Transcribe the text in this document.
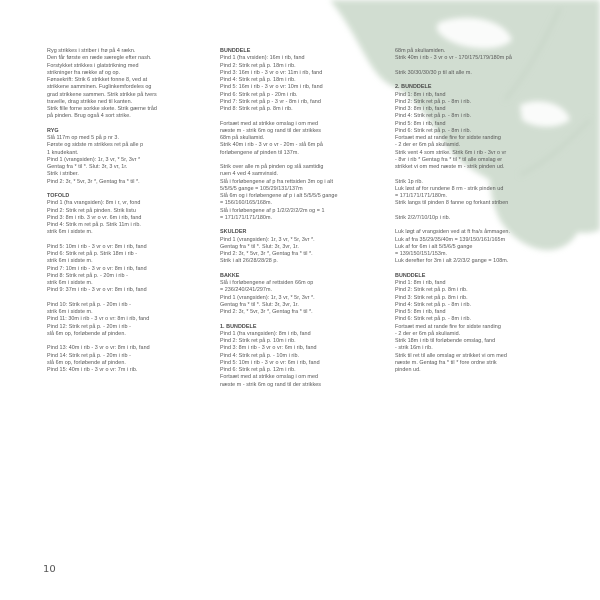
Ryg strikkes i striber i frø på 4 rækn.
Den får første en ræde særegle efter nash.
Forstykket strikkes i glatstrikning med
strikninger fra række af og op.
Fønsekrift: Strik 6 strikket fonne 8, ved at
strikkene samminen. Fuglinkemfordeles og
grad strikkene sammen. Strik strikke på tvers
travelle, drag strikke ned til kanten.
Strik fille forne sorkke skete. Strik gærne tråd
på pinden. Brug også 4 sort strike.
RYG
Slå 117m op med 5 på p nr 3.
Første og sidste m strikkes ret på alle p
1 knudekant.
Pind 1 (vrangsiden): 1r, 3 vr, * 5r, 3vr *
Gentag fra * til *. Slut: 3r, 3 vr, 1r.
Strik i striber.
Pind 2: 3r, * 5vr, 3r *, Gentag fra * til *.
TOFOLD
Pind 1 (fra vrangsiden): 8m i r, vr, fond
Pind 2: Strik ret på pinden. Strik listu
Pind 3: 8m i rib. 3 vr o vr. 6m i rib, fand
Pind 4: Strik m ret på p. Strik 11m i rib.
strik 6m i sidste m.
Pind 5: 10m i rib - 3 vr o vr: 8m i rib, fand
Pind 6: Strik ret på p. Strik 18m i rib -
strik 6m i sidste m.
Pind 7: 10m i rib - 3 vr o vr: 8m i rib, fand
Pind 8: Strik ret på p. - 20m i rib -
strik 6m i sidste m.
Pind 9: 37m i rib - 3 vr o vr: 8m i rib, fand
Pind 10: Strik ret på p. - 20m i rib -
strik 6m i sidste m.
Pind 11: 30m i rib - 3 vr o vr: 8m i rib, fand
Pind 12: Strik ret på p. - 20m i rib -
slå 6m op, forløbende af pinden.
Pind 13: 40m i rib - 3 vr o vr: 8m i rib, fand
Pind 14: Strik ret på p. - 20m i rib -
slå 6m op, forløbende af pinden.
Pind 15: 40m i rib - 3 vr o vr: 7m i rib.
BUNDDELE
Pind 1 (fra vrsiden): 16m i rib, fand
Pind 2: Strik ret på p. 18m i rib.
Pind 3: 16m i rib - 3 vr o vr: 11m i rib, fand
Pind 4: Strik ret på p. 18m i rib.
Pind 5: 16m i rib - 3 vr o vr: 10m i rib, fand
Pind 6: Strik ret på p - 20m i rib.
Pind 7: Strik ret på p - 3 vr - 8m i rib, fand
Pind 8: Strik ret på p. 8m i rib.
Fortsæt med at strikke omslag i om med
næste m - strik 6m og rand til der strikkes
68m på skuliamid.
Strik 40m i rib - 3 vr o vr - 20m - slå 6m på
forløbengene af pinden til 137m.
Strik over alle m på pinden og slå samtidig
ruen 4 ved 4 samvinsid.
Slå i forløbengene af p fra rettsiden 3m og i alt
5/5/5/5 gange = 105/29/131/137m
Slå 6m og i forløbengene af p i alt 5/5/5/5 gange
= 156/160/165/168m.
Slå i forløbengene af p 1/2/2/2/2/2m og = 1
= 171/171/171/180m.
SKULDER
Pind 1 (vrangsiden): 1r, 3 vr, * 5r, 3vr *.
Gentag fra * til *. Slut: 3r, 3vr, 1r.
Pind 2: 3r, * 5vr, 3r *, Gentag fra * til *.
Strik i alt 26/28/28/28 p.
BAKKE
Slå i forløbengene af rettsiden 66m op
= 236/240/241/297m.
Pind 1 (vrangsiden): 1r, 3 vr, * 5r, 3vr *.
Gentag fra * til *. Slut: 3r, 3vr, 1r.
Pind 2: 3r, * 5vr, 3r *, Gentag fra * til *.
1. BUNDDELE
Pind 1 (fra vrangsiden): 8m i rib, fand
Pind 2: Strik ret på p. 10m i rib.
Pind 3: 8m i rib - 3 vr o vr: 6m i rib, fand
Pind 4: Strik ret på p. - 10m i rib.
Pind 5: 10m i rib - 3 vr o vr: 6m i rib, fand
Pind 6: Strik ret på p. 12m i rib.
Fortsæt med at strikke omslag i om med
næste m - strik 6m og rand til der strikkes
68m på skuliamiden.
Strik 40m i rib - 3 vr o vr - 170/175/179/180m på
Strik 30/30/30/30 p til alt alle m.
2. BUNDDELE
Pind 1: 8m i rib, fand
Pind 2: Strik ret på p. - 8m i rib.
Pind 3: 8m i rib, fand
Pind 4: Strik ret på p. - 8m i rib.
Pind 5: 8m i rib, fand
Pind 6: Strik ret på p. - 8m i rib.
Fortsæt med at rande fire for sidste randing
- 2 der er 6m på skuliamid.
Strik vent 4 som strike. Strik 6m i rib - 3vr o vr
- 8vr i rib * Gentag fra * til * til alle omslag er
strikket vi om med næste m - strik pinden ud.
Strik 1p rib.
Luk løst af for rundene 8 rm - strik pinden ud
= 171/171/171/180m.
Strik langs til pinden 8 fanne og forkant striben
Strik 2/2/7/10/10p i rib.
Luk løgt af vrangsiden ved at ft fra/s åmmagen.
Luk af fra 35/29/35/40m = 139/150/161/165m
Luk af for 6m i alt 5/5/6/5 gange
= 139/150/151/153m.
Luk derefter for 3m i alt 2/2/3/2 gange = 108m.
BUNDDELE
Pind 1: 8m i rib, fand
Pind 2: Strik ret på p. 8m i rib.
Pind 3: Strik ret på p. 8m i rib.
Pind 4: Strik ret på p. - 8m i rib.
Pind 5: 8m i rib, fand
Pind 6: Strik ret på p. - 8m i rib.
Fortsæt med at rande fire for sidste randing
- 2 der er 6m på skuliamid.
Strik 18m i rib til forløbende omslag, fand
- strik 16m i rib.
Strik til ret til alle omslag er strikket vi om med
næste m. Gentag fra * til * fore ordne strik
pinden ud.
10
